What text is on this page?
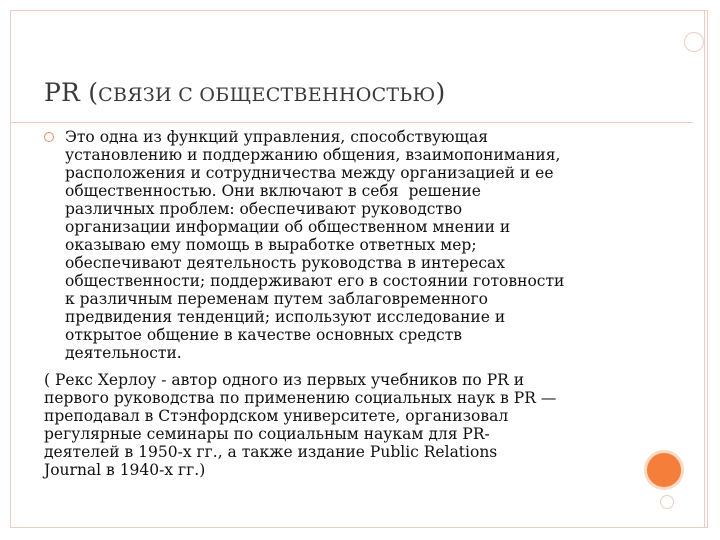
PR (СВЯЗИ С ОБЩЕСТВЕННОСТЬЮ)

Это одна из функций управления, способствующая
установлению и поддержанию общения, взаимопонимания,
расположения и сотрудничества между организацией и ее
общественностью. Они включают в себя  решение
различных проблем: обеспечивают руководство
организации информации об общественном мнении и
оказываю ему помощь в выработке ответных мер;
обеспечивают деятельность руководства в интересах
общественности; поддерживают его в состоянии готовности
к различным переменам путем заблаговременного
предвидения тенденций; используют исследование и
открытое общение в качестве основных средств
деятельности.

( Рекс Херлоу - автор одного из первых учебников по PR и
первого руководства по применению социальных наук в PR —
преподавал в Стэнфордском университете, организовал
регулярные семинары по социальным наукам для PR-
деятелей в 1950-х гг., а также издание Public Relations
Journal в 1940-х гг.)
